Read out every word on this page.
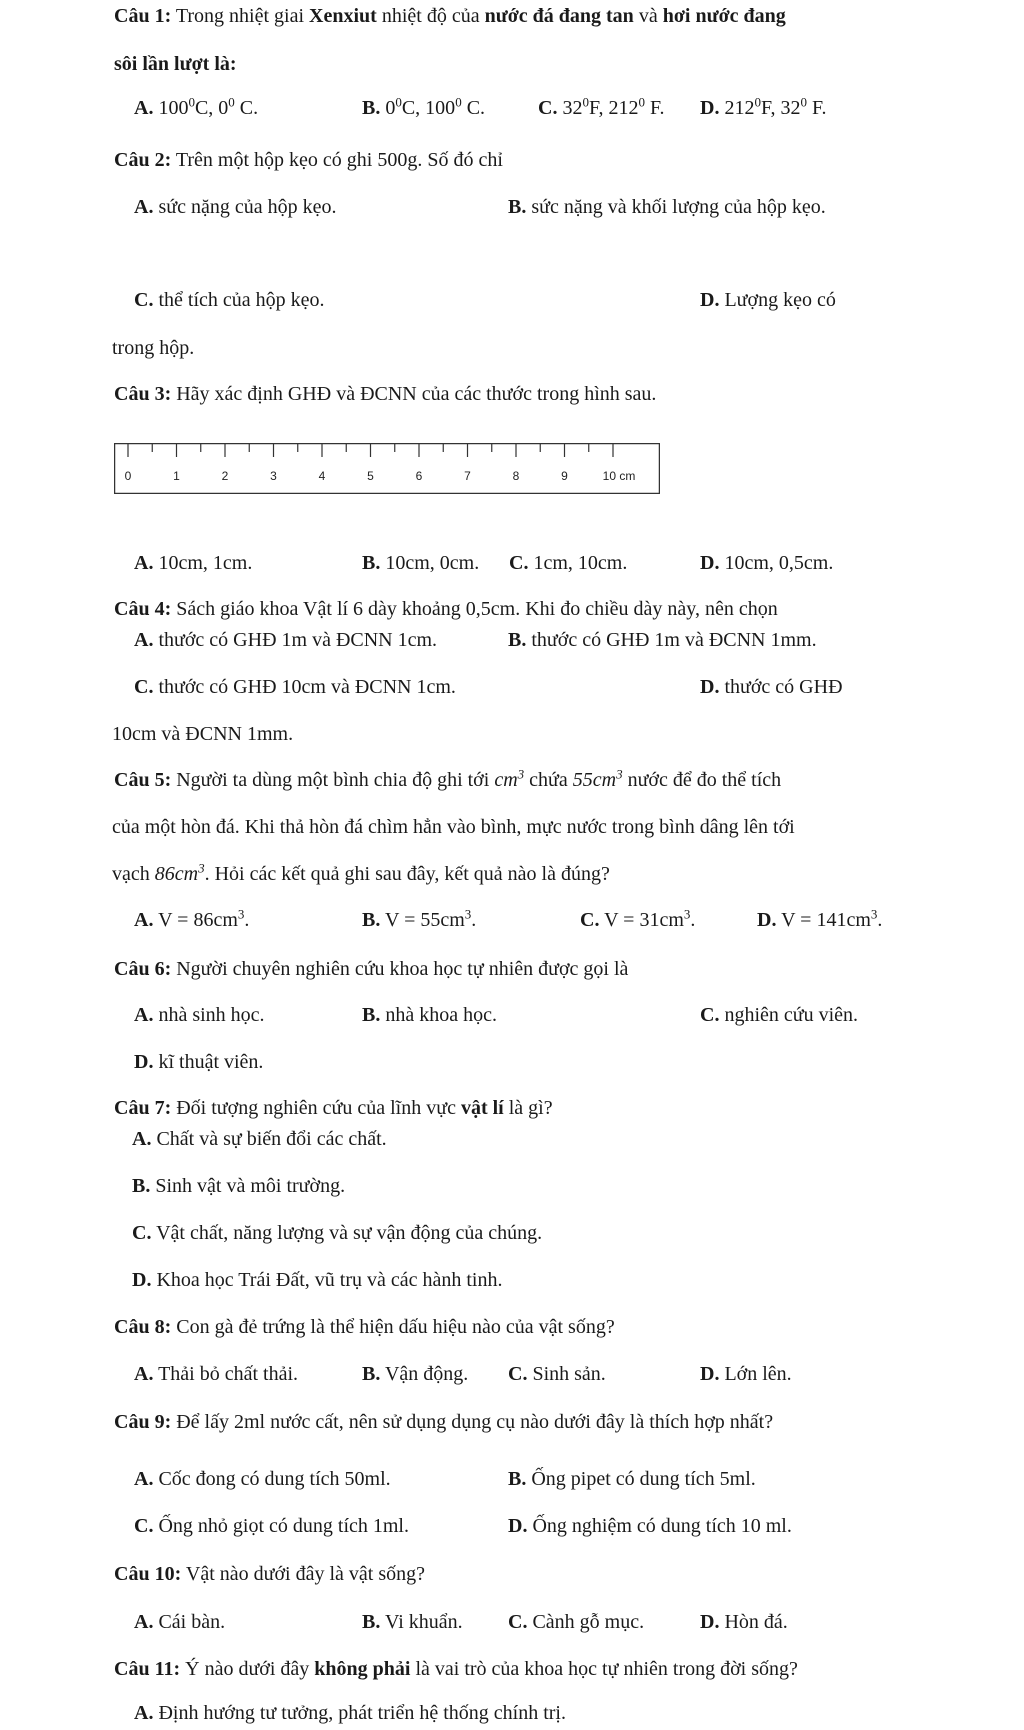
Câu 1: Trong nhiệt giai Xenxiut nhiệt độ của nước đá đang tan và hơi nước đang
sôi lần lượt là:
A. $100^0C$, $0^0$ C.	B. $0^0C$, $100^0$ C.	C. $32^0F$, $212^0$ F. D. $212^0F$, $32^0$ F.
Câu 2: Trên một hộp kẹo có ghi 500g. Số đó chỉ
A. sức nặng của hộp kẹo.	B. sức nặng và khối lượng của hộp kẹo.
C. thể tích của hộp kẹo.	D. Lượng kẹo có
trong hộp.
Câu 3: Hãy xác định GHĐ và ĐCNN của các thước trong hình sau.
0	1	2	3	4	5	6	7	8	9	10 cm
A. 10cm, 1cm.	B. 10cm, 0cm. C. 1cm, 10cm.	D. 10cm, 0,5cm.
Câu 4: Sách giáo khoa Vật lí 6 dày khoảng 0,5cm. Khi đo chiều dày này, nên chọn
A. thước có GHĐ 1m và ĐCNN 1cm.	B. thước có GHĐ 1m và ĐCNN 1mm.
C. thước có GHĐ 10cm và ĐCNN 1cm.	D. thước có GHĐ
10cm và ĐCNN 1mm.
Câu 5: Người ta dùng một bình chia độ ghi tới $cm^3$ chứa $55cm^3$ nước để đo thể tích
của một hòn đá. Khi thả hòn đá chìm hẳn vào bình, mực nước trong bình dâng lên tới
vạch $86cm^3$. Hỏi các kết quả ghi sau đây, kết quả nào là đúng?
A. $V = 86cm^3$.	B. $V = 55cm^3$.	C. $V = 31cm^3$.	D. $V = 141cm^3$.
Câu 6: Người chuyên nghiên cứu khoa học tự nhiên được gọi là
A. nhà sinh học.	B. nhà khoa học.	C. nghiên cứu viên.
D. kĩ thuật viên.
Câu 7: Đối tượng nghiên cứu của lĩnh vực vật lí là gì?
A. Chất và sự biến đổi các chất.
B. Sinh vật và môi trường.
C. Vật chất, năng lượng và sự vận động của chúng.
D. Khoa học Trái Đất, vũ trụ và các hành tinh.
Câu 8: Con gà đẻ trứng là thể hiện dấu hiệu nào của vật sống?
A. Thải bỏ chất thải.	B. Vận động. C. Sinh sản.	D. Lớn lên.
Câu 9: Để lấy 2ml nước cất, nên sử dụng dụng cụ nào dưới đây là thích hợp nhất?
A. Cốc đong có dung tích 50ml.	B. Ống pipet có dung tích 5ml.
C. Ống nhỏ giọt có dung tích 1ml.	D. Ống nghiệm có dung tích 10 ml.
Câu 10: Vật nào dưới đây là vật sống?
A. Cái bàn.	B. Vi khuẩn. C. Cành gỗ mục.	D. Hòn đá.
Câu 11: Ý nào dưới đây không phải là vai trò của khoa học tự nhiên trong đời sống?
A. Định hướng tư tưởng, phát triển hệ thống chính trị.
